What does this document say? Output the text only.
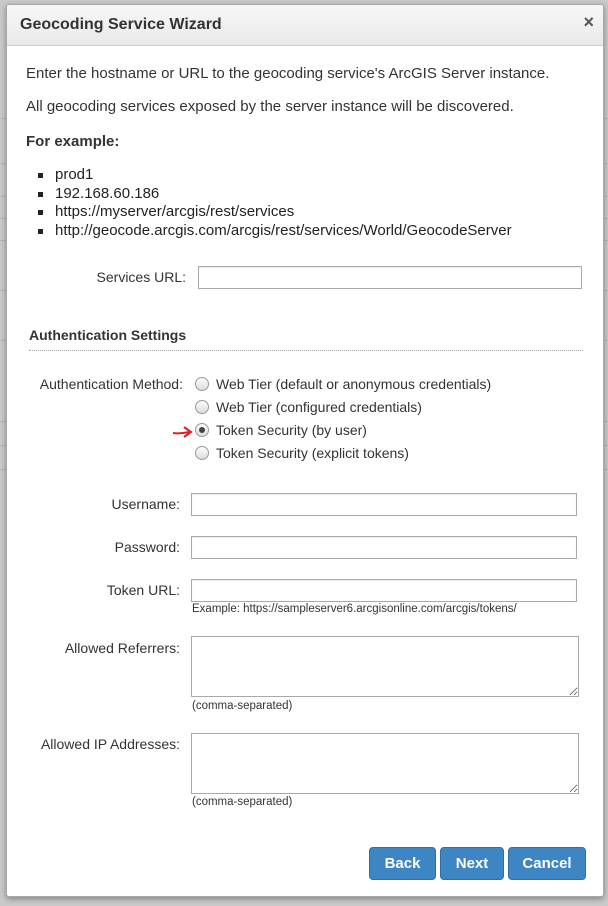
Geocoding Service Wizard	×
Enter the hostname or URL to the geocoding service's ArcGIS Server instance.
All geocoding services exposed by the server instance will be discovered.
For example:
prod1
192.168.60.186
https://myserver/arcgis/rest/services
http://geocode.arcgis.com/arcgis/rest/services/World/GeocodeServer
Services URL:
Authentication Settings
Authentication Method: Web Tier (default or anonymous credentials)
Web Tier (configured credentials)
Token Security (by user)
Token Security (explicit tokens)
Username:
Password:
Token URL:
Example: https://sampleserver6.arcgisonline.com/arcgis/tokens/
Allowed Referrers:
(comma-separated)
Allowed IP Addresses:
(comma-separated)
Back	Next	Cancel
